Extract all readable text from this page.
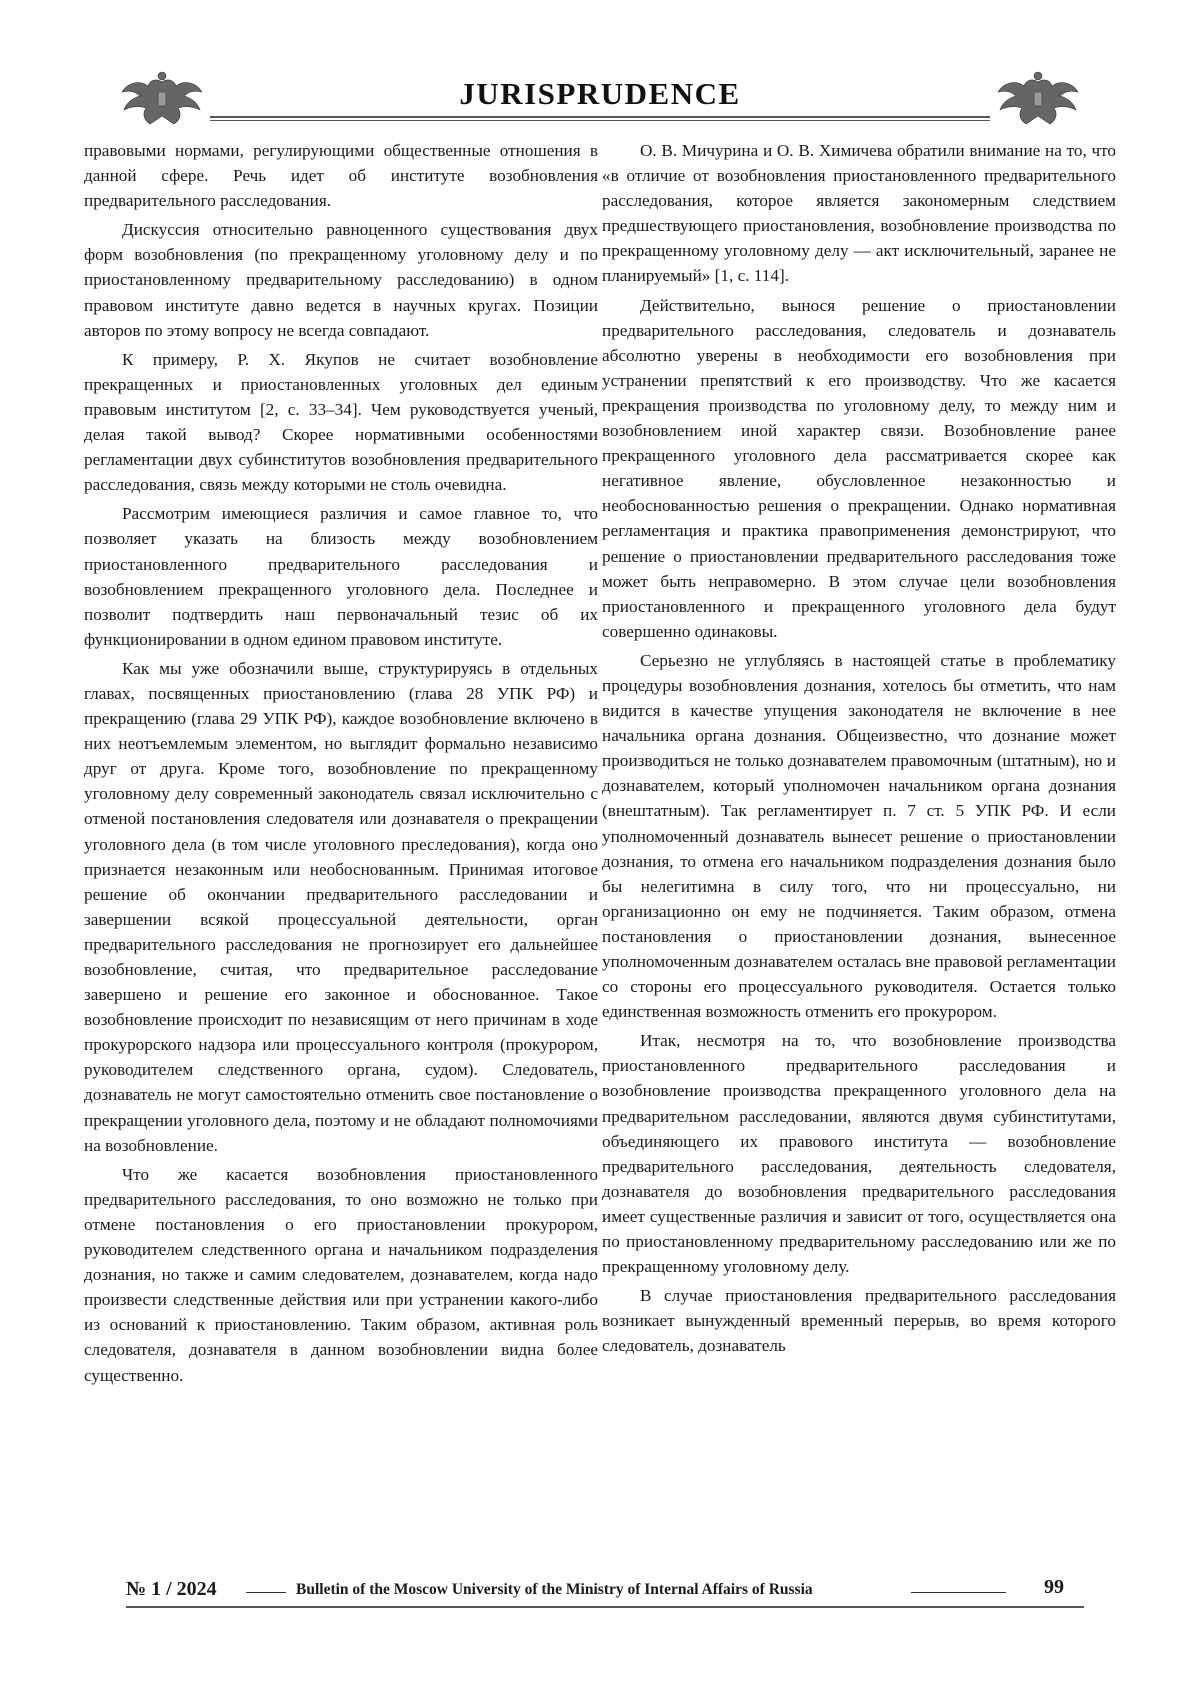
JURISPRUDENCE

правовыми нормами, регулирующими общественные отношения в данной сфере. Речь идет об институте возобновления предварительного расследования.

Дискуссия относительно равноценного существования двух форм возобновления (по прекращенному уголовному делу и по приостановленному предварительному расследованию) в одном правовом институте давно ведется в научных кругах. Позиции авторов по этому вопросу не всегда совпадают.

К примеру, Р. Х. Якупов не считает возобновление прекращенных и приостановленных уголовных дел единым правовым институтом [2, с. 33–34]. Чем руководствуется ученый, делая такой вывод? Скорее нормативными особенностями регламентации двух субинститутов возобновления предварительного расследования, связь между которыми не столь очевидна.

Рассмотрим имеющиеся различия и самое главное то, что позволяет указать на близость между возобновлением приостановленного предварительного расследования и возобновлением прекращенного уголовного дела. Последнее и позволит подтвердить наш первоначальный тезис об их функционировании в одном едином правовом институте.

Как мы уже обозначили выше, структурируясь в отдельных главах, посвященных приостановлению (глава 28 УПК РФ) и прекращению (глава 29 УПК РФ), каждое возобновление включено в них неотъемлемым элементом, но выглядит формально независимо друг от друга. Кроме того, возобновление по прекращенному уголовному делу современный законодатель связал исключительно с отменой постановления следователя или дознавателя о прекращении уголовного дела (в том числе уголовного преследования), когда оно признается незаконным или необоснованным. Принимая итоговое решение об окончании предварительного расследовании и завершении всякой процессуальной деятельности, орган предварительного расследования не прогнозирует его дальнейшее возобновление, считая, что предварительное расследование завершено и решение его законное и обоснованное. Такое возобновление происходит по независящим от него причинам в ходе прокурорского надзора или процессуального контроля (прокурором, руководителем следственного органа, судом). Следователь, дознаватель не могут самостоятельно отменить свое постановление о прекращении уголовного дела, поэтому и не обладают полномочиями на возобновление.

Что же касается возобновления приостановленного предварительного расследования, то оно возможно не только при отмене постановления о его приостановлении прокурором, руководителем следственного органа и начальником подразделения дознания, но также и самим следователем, дознавателем, когда надо произвести следственные действия или при устранении какого-либо из оснований к приостановлению. Таким образом, активная роль следователя, дознавателя в данном возобновлении видна более существенно.

О. В. Мичурина и О. В. Химичева обратили внимание на то, что «в отличие от возобновления приостановленного предварительного расследования, которое является закономерным следствием предшествующего приостановления, возобновление производства по прекращенному уголовному делу — акт исключительный, заранее не планируемый» [1, с. 114].

Действительно, вынося решение о приостановлении предварительного расследования, следователь и дознаватель абсолютно уверены в необходимости его возобновления при устранении препятствий к его производству. Что же касается прекращения производства по уголовному делу, то между ним и возобновлением иной характер связи. Возобновление ранее прекращенного уголовного дела рассматривается скорее как негативное явление, обусловленное незаконностью и необоснованностью решения о прекращении. Однако нормативная регламентация и практика правоприменения демонстрируют, что решение о приостановлении предварительного расследования тоже может быть неправомерно. В этом случае цели возобновления приостановленного и прекращенного уголовного дела будут совершенно одинаковы.

Серьезно не углубляясь в настоящей статье в проблематику процедуры возобновления дознания, хотелось бы отметить, что нам видится в качестве упущения законодателя не включение в нее начальника органа дознания. Общеизвестно, что дознание может производиться не только дознавателем правомочным (штатным), но и дознавателем, который уполномочен начальником органа дознания (внештатным). Так регламентирует п. 7 ст. 5 УПК РФ. И если уполномоченный дознаватель вынесет решение о приостановлении дознания, то отмена его начальником подразделения дознания было бы нелегитимна в силу того, что ни процессуально, ни организационно он ему не подчиняется. Таким образом, отмена постановления о приостановлении дознания, вынесенное уполномоченным дознавателем осталась вне правовой регламентации со стороны его процессуального руководителя. Остается только единственная возможность отменить его прокурором.

Итак, несмотря на то, что возобновление производства приостановленного предварительного расследования и возобновление производства прекращенного уголовного дела на предварительном расследовании, являются двумя субинститутами, объединяющего их правового института — возобновление предварительного расследования, деятельность следователя, дознавателя до возобновления предварительного расследования имеет существенные различия и зависит от того, осуществляется она по приостановленному предварительному расследованию или же по прекращенному уголовному делу.

В случае приостановления предварительного расследования возникает вынужденный временный перерыв, во время которого следователь, дознаватель

№ 1 / 2024	Bulletin of the Moscow University of the Ministry of Internal Affairs of Russia	99
